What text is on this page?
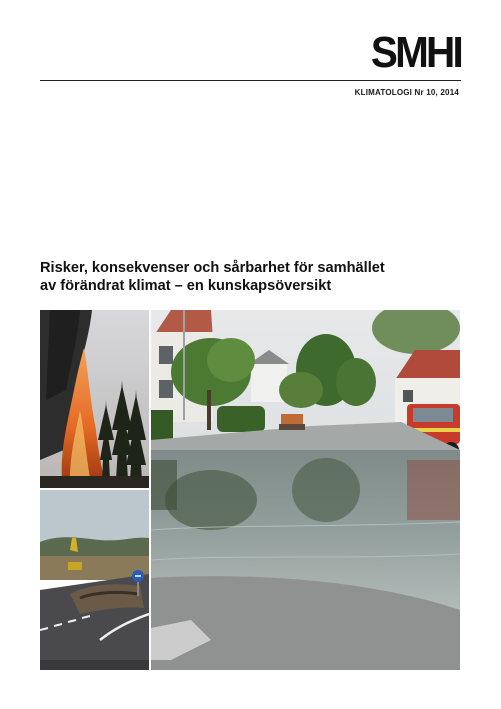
SMHI
KLIMATOLOGI Nr 10, 2014
Risker, konsekvenser och sårbarhet för samhället
av förändrat klimat – en kunskapsöversikt
